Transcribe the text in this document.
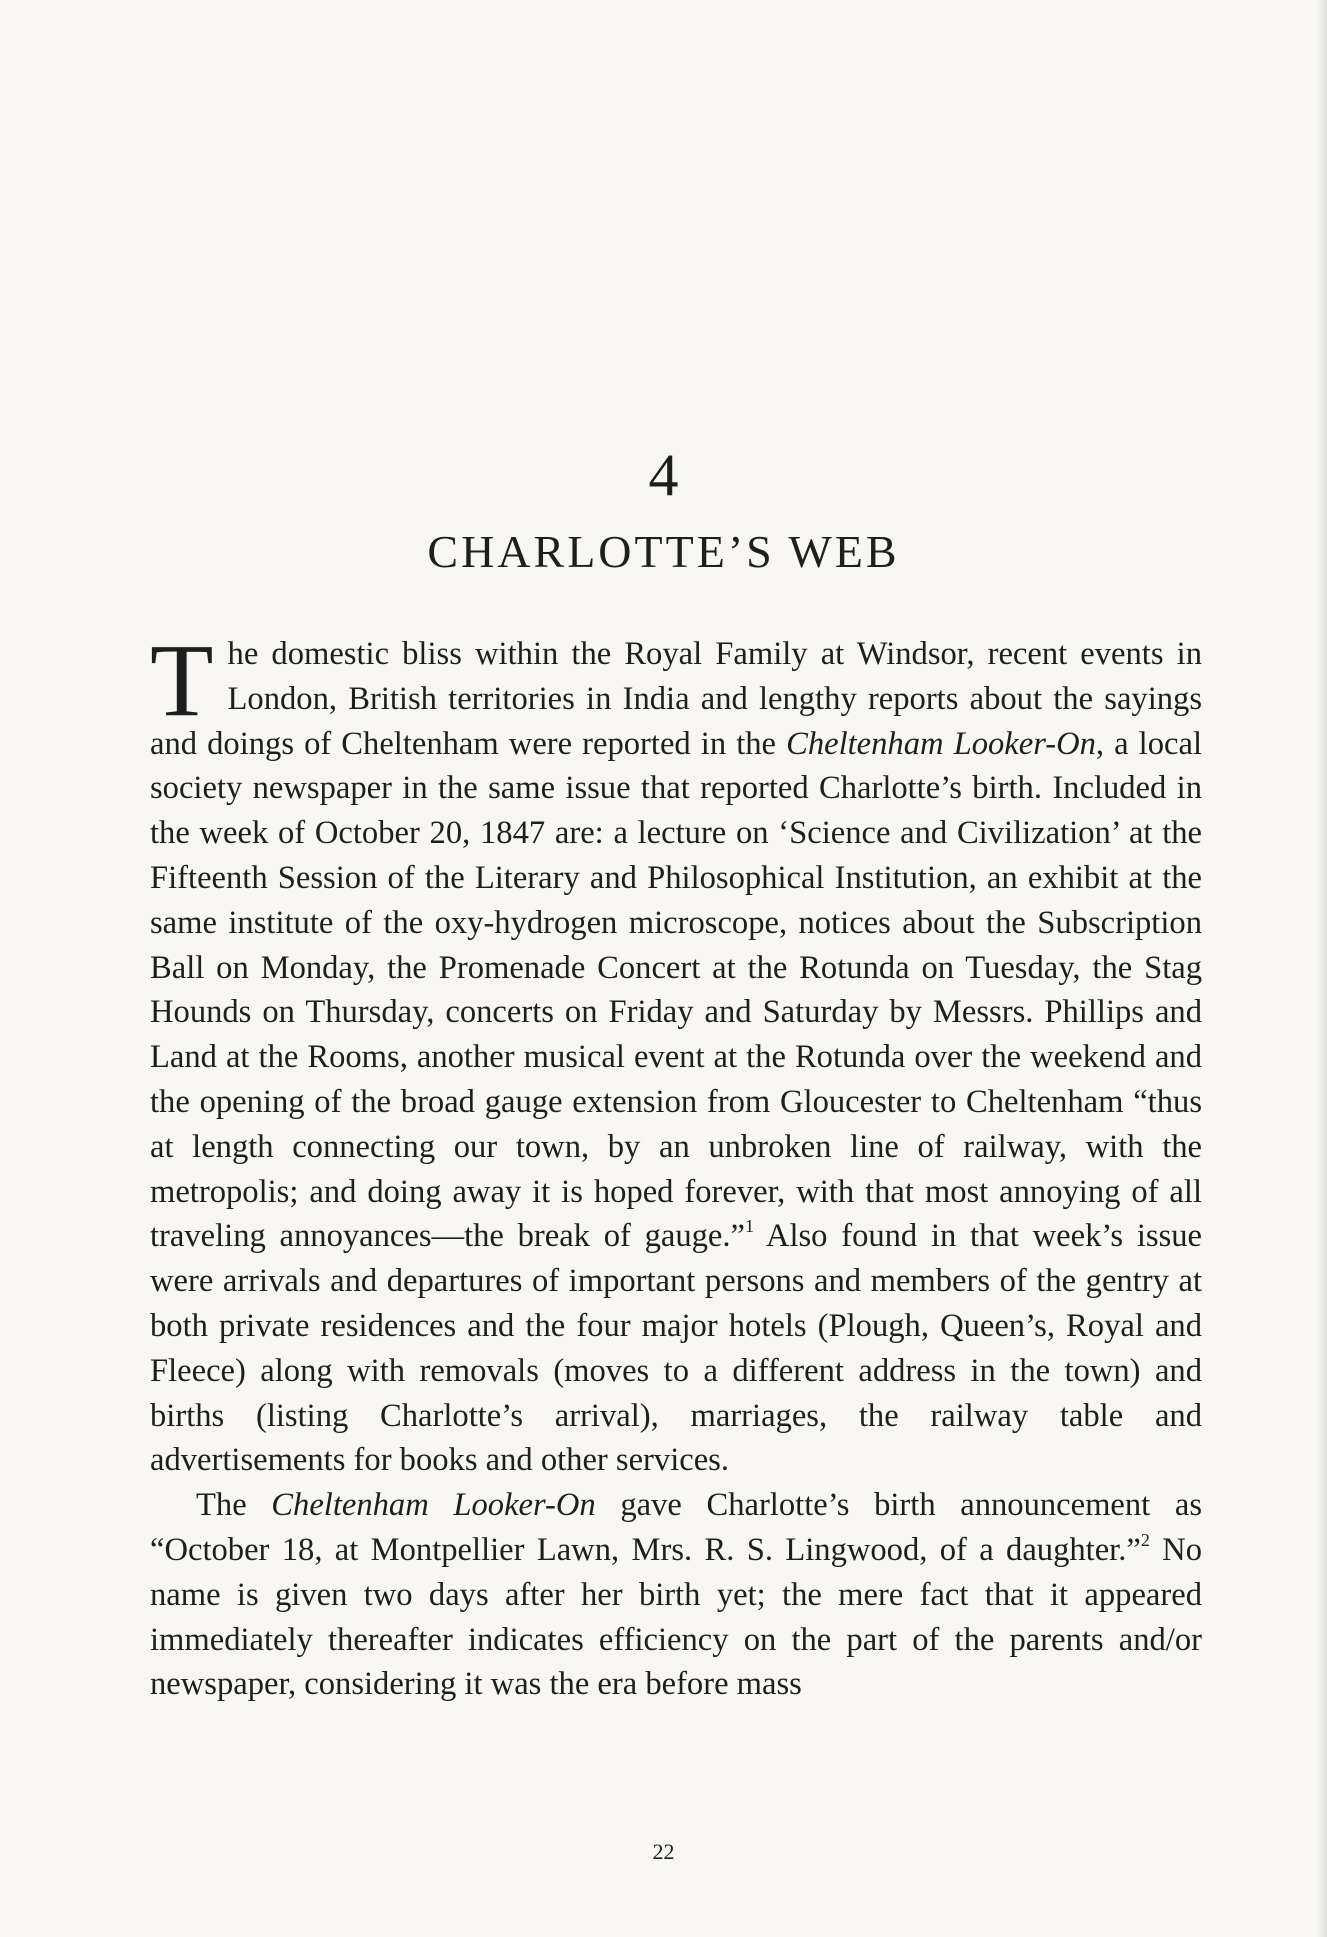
4
CHARLOTTE’S WEB

The domestic bliss within the Royal Family at Windsor, recent events in London, British territories in India and lengthy reports about the sayings and doings of Cheltenham were reported in the Cheltenham Looker-On, a local society newspaper in the same issue that reported Charlotte’s birth. Included in the week of October 20, 1847 are: a lecture on ‘Science and Civilization’ at the Fifteenth Session of the Literary and Philosophical Institution, an exhibit at the same institute of the oxy-hydrogen microscope, notices about the Subscription Ball on Monday, the Promenade Concert at the Rotunda on Tuesday, the Stag Hounds on Thursday, concerts on Friday and Saturday by Messrs. Phillips and Land at the Rooms, another musical event at the Rotunda over the weekend and the opening of the broad gauge extension from Gloucester to Cheltenham “thus at length connecting our town, by an unbroken line of railway, with the metropolis; and doing away it is hoped forever, with that most annoying of all traveling annoyances—the break of gauge.”$^1$ Also found in that week’s issue were arrivals and departures of important persons and members of the gentry at both private residences and the four major hotels (Plough, Queen’s, Royal and Fleece) along with removals (moves to a different address in the town) and births (listing Charlotte’s arrival), marriages, the railway table and advertisements for books and other services.

The Cheltenham Looker-On gave Charlotte’s birth announcement as “October 18, at Montpellier Lawn, Mrs. R. S. Lingwood, of a daughter.”$^2$ No name is given two days after her birth yet; the mere fact that it appeared immediately thereafter indicates efficiency on the part of the parents and/or newspaper, considering it was the era before mass

22
